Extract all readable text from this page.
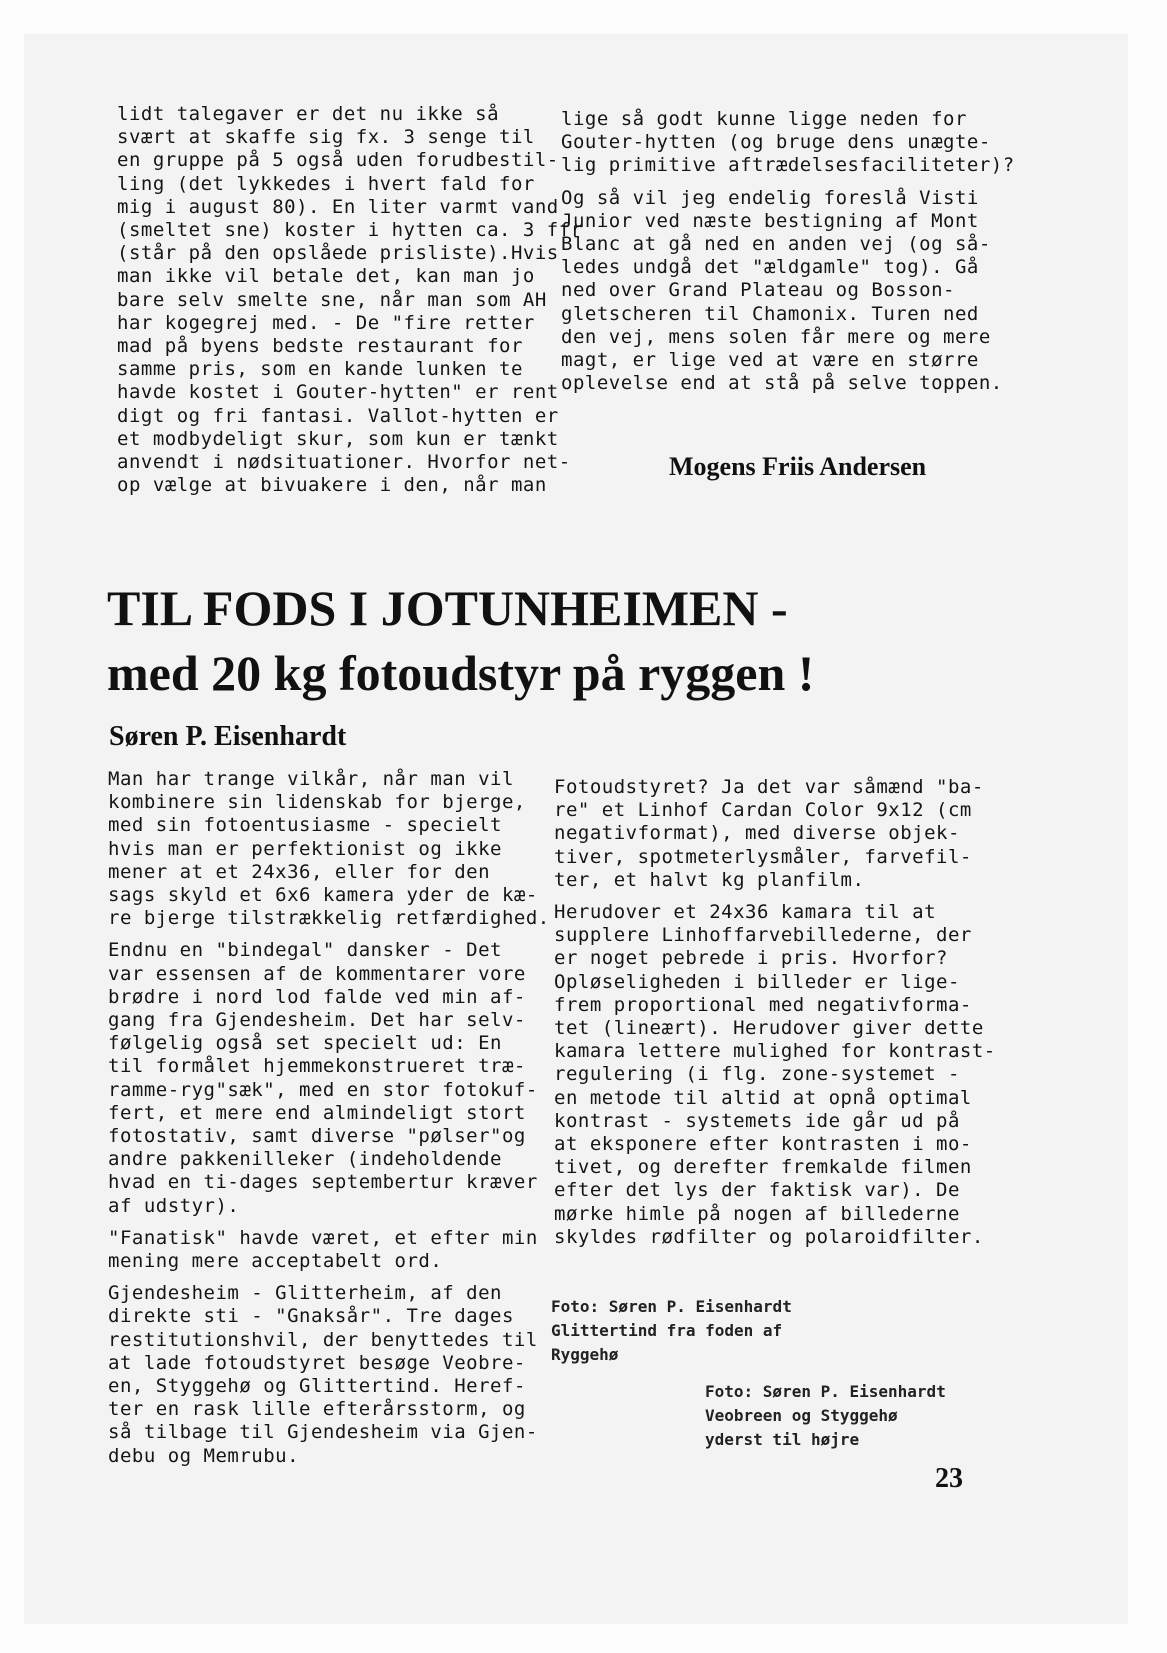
lidt talegaver er det nu ikke så
svært at skaffe sig fx. 3 senge til
en gruppe på 5 også uden forudbestil-
ling (det lykkedes i hvert fald for
mig i august 80). En liter varmt vand
(smeltet sne) koster i hytten ca. 3 ffr
(står på den opslåede prisliste).Hvis
man ikke vil betale det, kan man jo
bare selv smelte sne, når man som AH
har kogegrej med. - De "fire retter
mad på byens bedste restaurant for
samme pris, som en kande lunken te
havde kostet i Gouter-hytten" er rent
digt og fri fantasi. Vallot-hytten er
et modbydeligt skur, som kun er tænkt
anvendt i nødsituationer. Hvorfor net-
op vælge at bivuakere i den, når man

lige så godt kunne ligge neden for
Gouter-hytten (og bruge dens unægte-
lig primitive aftrædelsesfaciliteter)?

Og så vil jeg endelig foreslå Visti
Junior ved næste bestigning af Mont
Blanc at gå ned en anden vej (og så-
ledes undgå det "ældgamle" tog). Gå
ned over Grand Plateau og Bosson-
gletscheren til Chamonix. Turen ned
den vej, mens solen får mere og mere
magt, er lige ved at være en større
oplevelse end at stå på selve toppen.

Mogens Friis Andersen
TIL FODS I JOTUNHEIMEN -
med 20 kg fotoudstyr på ryggen !
Søren P. Eisenhardt

Man har trange vilkår, når man vil
kombinere sin lidenskab for bjerge,
med sin fotoentusiasme - specielt
hvis man er perfektionist og ikke
mener at et 24x36, eller for den
sags skyld et 6x6 kamera yder de kæ-
re bjerge tilstrækkelig retfærdighed.

Endnu en "bindegal" dansker - Det
var essensen af de kommentarer vore
brødre i nord lod falde ved min af-
gang fra Gjendesheim. Det har selv-
følgelig også set specielt ud: En
til formålet hjemmekonstrueret træ-
ramme-ryg"sæk", med en stor fotokuf-
fert, et mere end almindeligt stort
fotostativ, samt diverse "pølser"og
andre pakkenilleker (indeholdende
hvad en ti-dages septembertur kræver
af udstyr).

"Fanatisk" havde været, et efter min
mening mere acceptabelt ord.

Gjendesheim - Glitterheim, af den
direkte sti - "Gnaksår". Tre dages
restitutionshvil, der benyttedes til
at lade fotoudstyret besøge Veobre-
en, Styggehø og Glittertind. Heref-
ter en rask lille efterårsstorm, og
så tilbage til Gjendesheim via Gjen-
debu og Memrubu.

Fotoudstyret? Ja det var såmænd "ba-
re" et Linhof Cardan Color 9x12 (cm
negativformat), med diverse objek-
tiver, spotmeterlysmåler, farvefil-
ter, et halvt kg planfilm.

Herudover et 24x36 kamara til at
supplere Linhoffarvebillederne, der
er noget pebrede i pris. Hvorfor?
Opløseligheden i billeder er lige-
frem proportional med negativforma-
tet (lineært). Herudover giver dette
kamara lettere mulighed for kontrast-
regulering (i flg. zone-systemet -
en metode til altid at opnå optimal
kontrast - systemets ide går ud på
at eksponere efter kontrasten i mo-
tivet, og derefter fremkalde filmen
efter det lys der faktisk var). De
mørke himle på nogen af billederne
skyldes rødfilter og polaroidfilter.

Foto: Søren P. Eisenhardt
Glittertind fra foden af
Ryggehø
Foto: Søren P. Eisenhardt
Veobreen og Styggehø
yderst til højre
23
